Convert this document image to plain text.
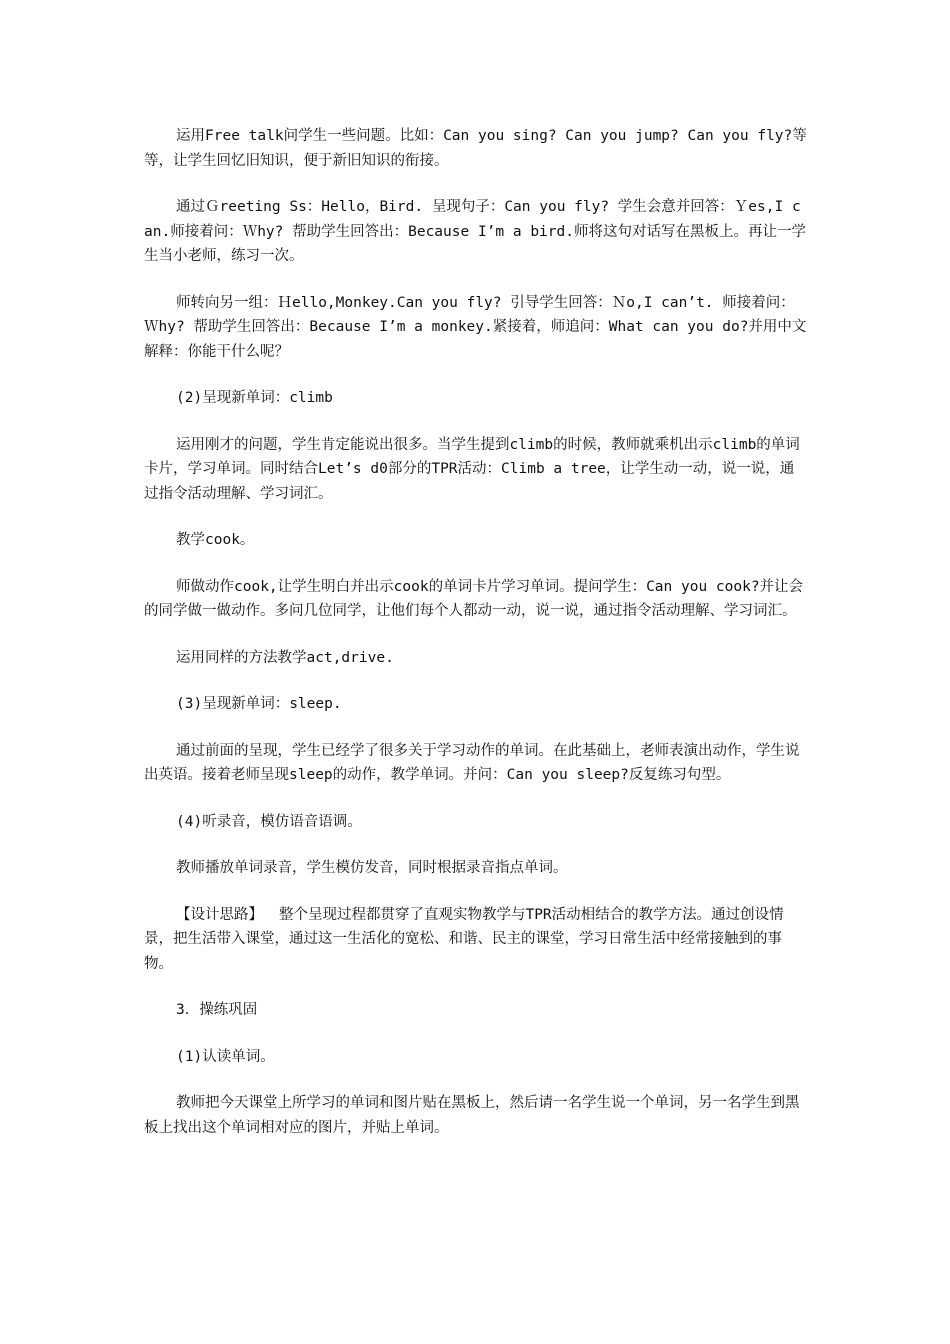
运用Free talk问学生一些问题。比如：Can you sing? Can you jump? Can you fly?等等，让学生回忆旧知识，便于新旧知识的衔接。

通过Ｇreeting Ss：Hello，Bird. 呈现句子：Can you fly? 学生会意并回答：Ｙes,I can.师接着问：Ｗhy? 帮助学生回答出：Because I’m a bird.师将这句对话写在黑板上。再让一学生当小老师，练习一次。

师转向另一组：Ｈello,Monkey.Can you fly? 引导学生回答：Ｎo,I can’t. 师接着问：Ｗhy? 帮助学生回答出：Because I’m a monkey.紧接着，师追问：What can you do?并用中文解释：你能干什么呢？

(2)呈现新单词：climb

运用刚才的问题，学生肯定能说出很多。当学生提到climb的时候，教师就乘机出示climb的单词卡片，学习单词。同时结合Let’s d0部分的TPR活动：Climb a tree，让学生动一动，说一说，通过指令活动理解、学习词汇。

教学cook。

师做动作cook,让学生明白并出示cook的单词卡片学习单词。提问学生：Can you cook?并让会的同学做一做动作。多问几位同学，让他们每个人都动一动，说一说，通过指令活动理解、学习词汇。

运用同样的方法教学act,drive.

(3)呈现新单词：sleep.

通过前面的呈现，学生已经学了很多关于学习动作的单词。在此基础上，老师表演出动作，学生说出英语。接着老师呈现sleep的动作，教学单词。并问：Can you sleep?反复练习句型。

(4)听录音，模仿语音语调。

教师播放单词录音，学生模仿发音，同时根据录音指点单词。

【设计思路】　 整个呈现过程都贯穿了直观实物教学与TPR活动相结合的教学方法。通过创设情景，把生活带入课堂，通过这一生活化的宽松、和谐、民主的课堂，学习日常生活中经常接触到的事物。

3．操练巩固

(1)认读单词。

教师把今天课堂上所学习的单词和图片贴在黑板上，然后请一名学生说一个单词，另一名学生到黑板上找出这个单词相对应的图片，并贴上单词。
